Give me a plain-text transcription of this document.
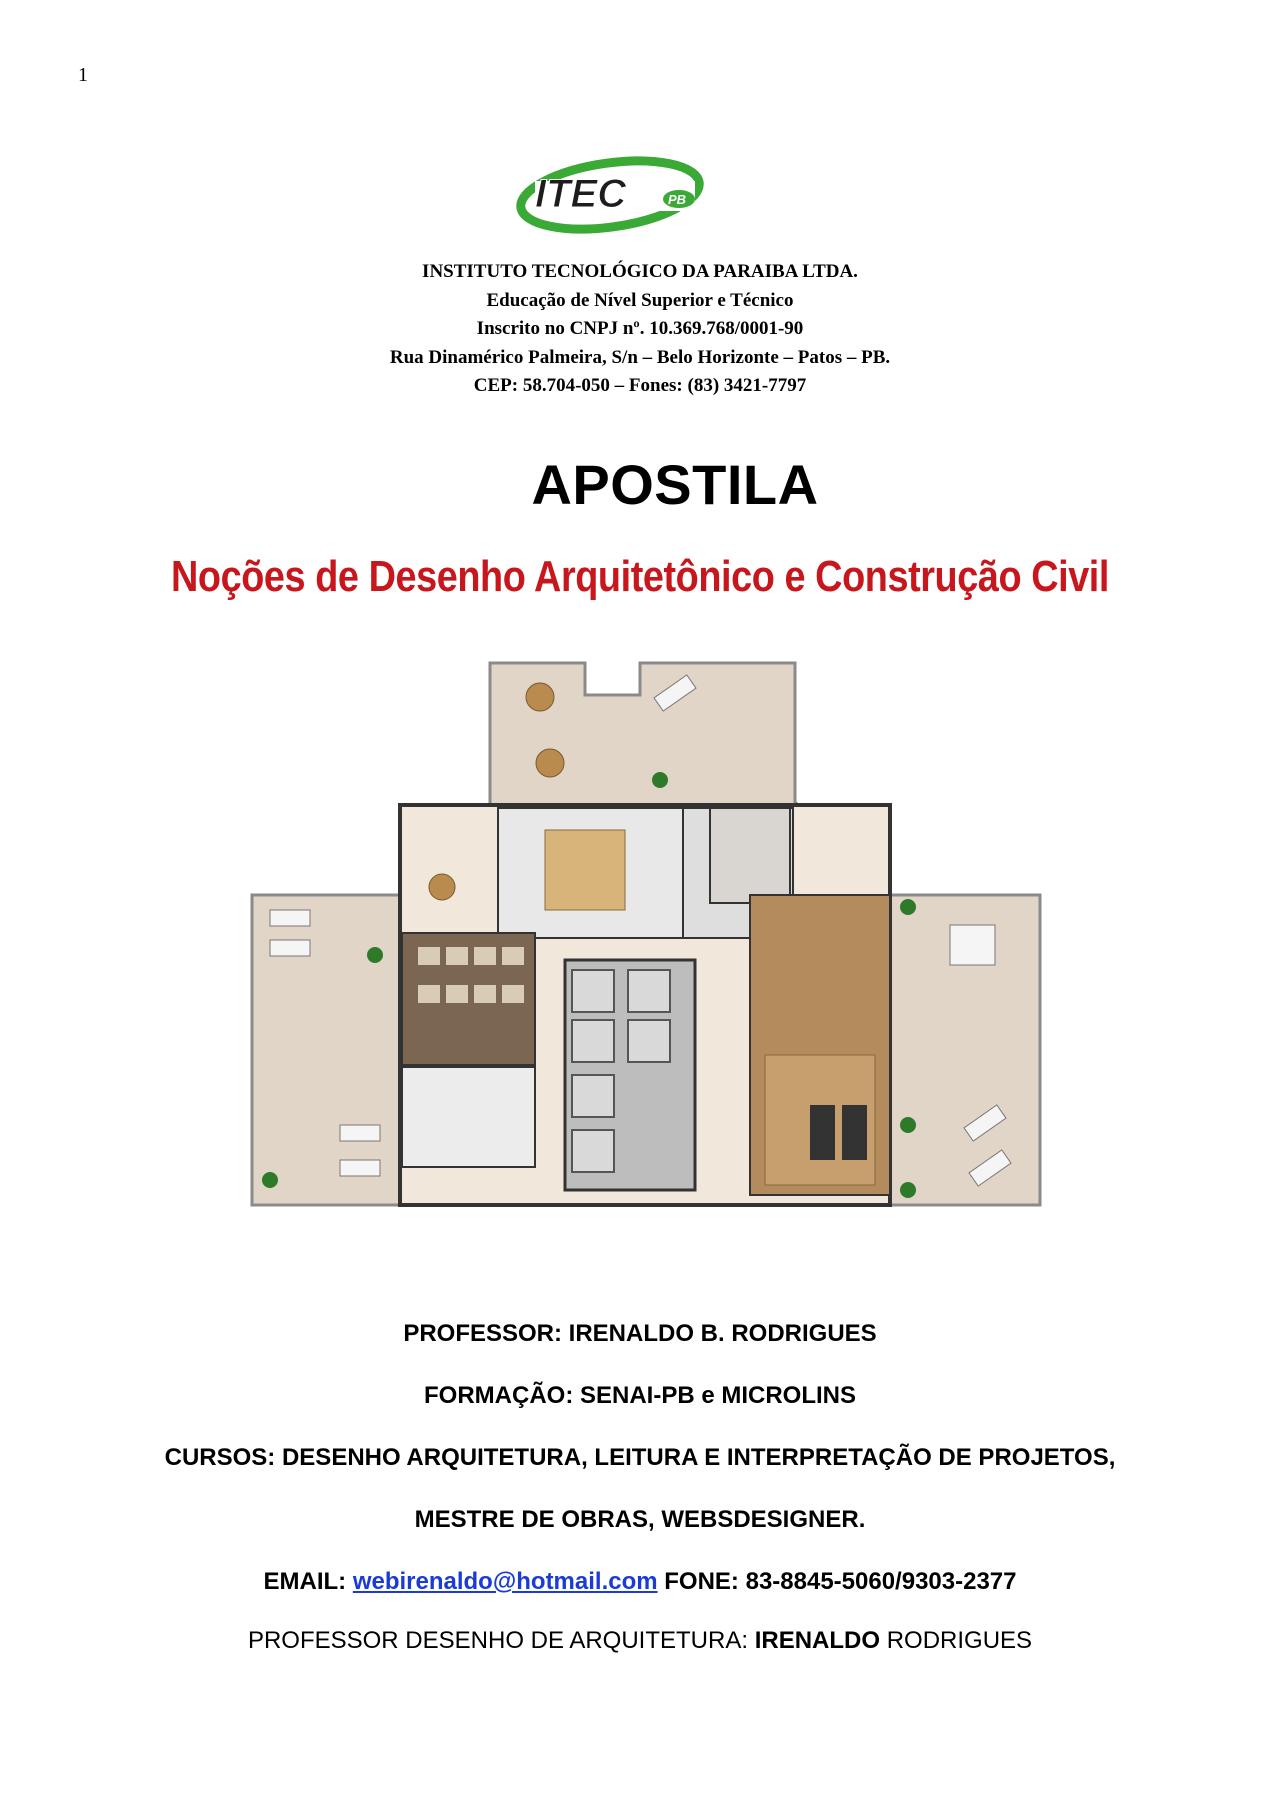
1
ITEC	PB
INSTITUTO TECNOLÓGICO DA PARAIBA LTDA.
Educação de Nível Superior e Técnico
Inscrito no CNPJ nº. 10.369.768/0001-90
Rua Dinamérico Palmeira, S/n – Belo Horizonte – Patos – PB.
CEP: 58.704-050 – Fones: (83) 3421-7797
APOSTILA
Noções de Desenho Arquitetônico e Construção Civil
PROFESSOR: IRENALDO B. RODRIGUES
FORMAÇÃO: SENAI-PB e MICROLINS
CURSOS: DESENHO ARQUITETURA, LEITURA E INTERPRETAÇÃO DE PROJETOS,
MESTRE DE OBRAS, WEBSDESIGNER.
EMAIL: webirenaldo@hotmail.com FONE: 83-8845-5060/9303-2377
PROFESSOR DESENHO DE ARQUITETURA: IRENALDO RODRIGUES
